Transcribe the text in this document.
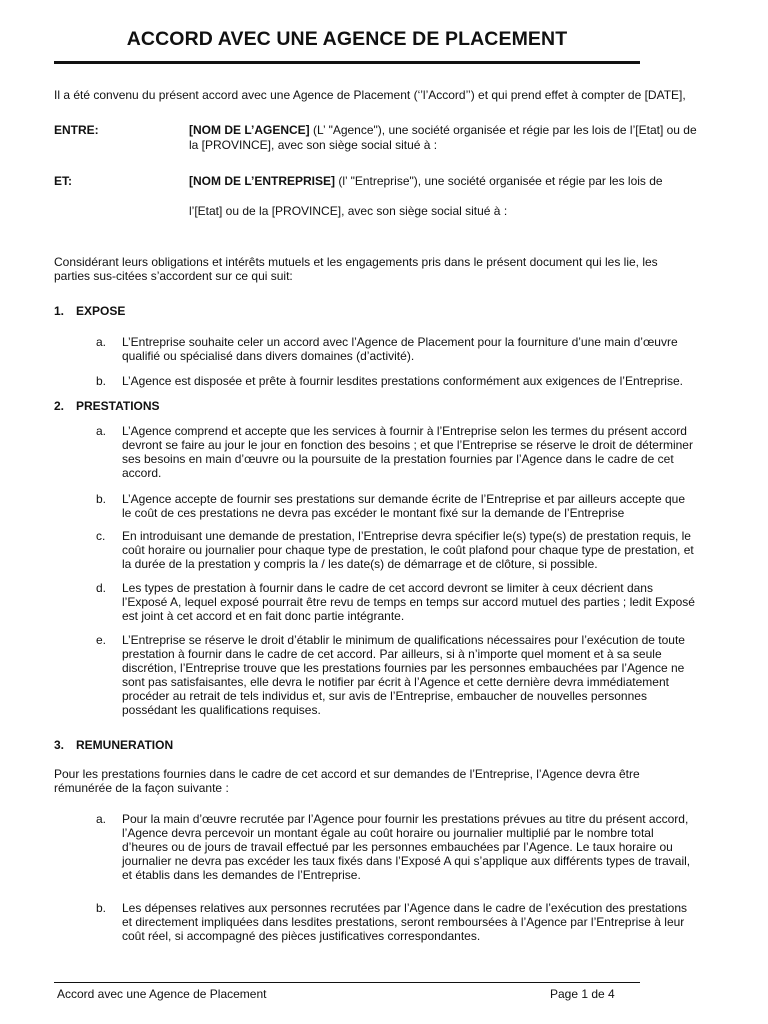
ACCORD AVEC UNE AGENCE DE PLACEMENT
Il a été convenu du présent accord avec une Agence de Placement (‘’l’Accord’’) et qui prend effet à compter de [DATE],
ENTRE:	[NOM DE L’AGENCE] (L’ "Agence"), une société organisée et régie par les lois de l’[Etat] ou de
la [PROVINCE], avec son siège social situé à :
ET:	[NOM DE L’ENTREPRISE] (l’ "Entreprise"), une société organisée et régie par les lois de
l’[Etat] ou de la [PROVINCE], avec son siège social situé à :
Considérant leurs obligations et intérêts mutuels et les engagements pris dans le présent document qui les lie, les
parties sus-citées s’accordent sur ce qui suit:
1. EXPOSE
a.	L’Entreprise souhaite celer un accord avec l’Agence de Placement pour la fourniture d’une main d’œuvre
qualifié ou spécialisé dans divers domaines (d’activité).
b.	L’Agence est disposée et prête à fournir lesdites prestations conformément aux exigences de l’Entreprise.
2. PRESTATIONS
a.	L’Agence comprend et accepte que les services à fournir à l’Entreprise selon les termes du présent accord
devront se faire au jour le jour en fonction des besoins ; et que l’Entreprise se réserve le droit de déterminer
ses besoins en main d’œuvre ou la poursuite de la prestation fournies par l’Agence dans le cadre de cet
accord.
b.	L’Agence accepte de fournir ses prestations sur demande écrite de l’Entreprise et par ailleurs accepte que
le coût de ces prestations ne devra pas excéder le montant fixé sur la demande de l’Entreprise
c.	En introduisant une demande de prestation, l’Entreprise devra spécifier le(s) type(s) de prestation requis, le
coût horaire ou journalier pour chaque type de prestation, le coût plafond pour chaque type de prestation, et
la durée de la prestation y compris la / les date(s) de démarrage et de clôture, si possible.
d.	Les types de prestation à fournir dans le cadre de cet accord devront se limiter à ceux décrient dans
l’Exposé A, lequel exposé pourrait être revu de temps en temps sur accord mutuel des parties ; ledit Exposé
est joint à cet accord et en fait donc partie intégrante.
e.	L’Entreprise se réserve le droit d’établir le minimum de qualifications nécessaires pour l’exécution de toute
prestation à fournir dans le cadre de cet accord. Par ailleurs, si à n’importe quel moment et à sa seule
discrétion, l’Entreprise trouve que les prestations fournies par les personnes embauchées par l’Agence ne
sont pas satisfaisantes, elle devra le notifier par écrit à l’Agence et cette dernière devra immédiatement
procéder au retrait de tels individus et, sur avis de l’Entreprise, embaucher de nouvelles personnes
possédant les qualifications requises.
3. REMUNERATION
Pour les prestations fournies dans le cadre de cet accord et sur demandes de l’Entreprise, l’Agence devra être
rémunérée de la façon suivante :
a.	Pour la main d’œuvre recrutée par l’Agence pour fournir les prestations prévues au titre du présent accord,
l’Agence devra percevoir un montant égale au coût horaire ou journalier multiplié par le nombre total
d’heures ou de jours de travail effectué par les personnes embauchées par l’Agence. Le taux horaire ou
journalier ne devra pas excéder les taux fixés dans l’Exposé A qui s’applique aux différents types de travail,
et établis dans les demandes de l’Entreprise.
b.	Les dépenses relatives aux personnes recrutées par l’Agence dans le cadre de l’exécution des prestations
et directement impliquées dans lesdites prestations, seront remboursées à l’Agence par l’Entreprise à leur
coût réel, si accompagné des pièces justificatives correspondantes.
Accord avec une Agence de Placement	Page 1 de 4
